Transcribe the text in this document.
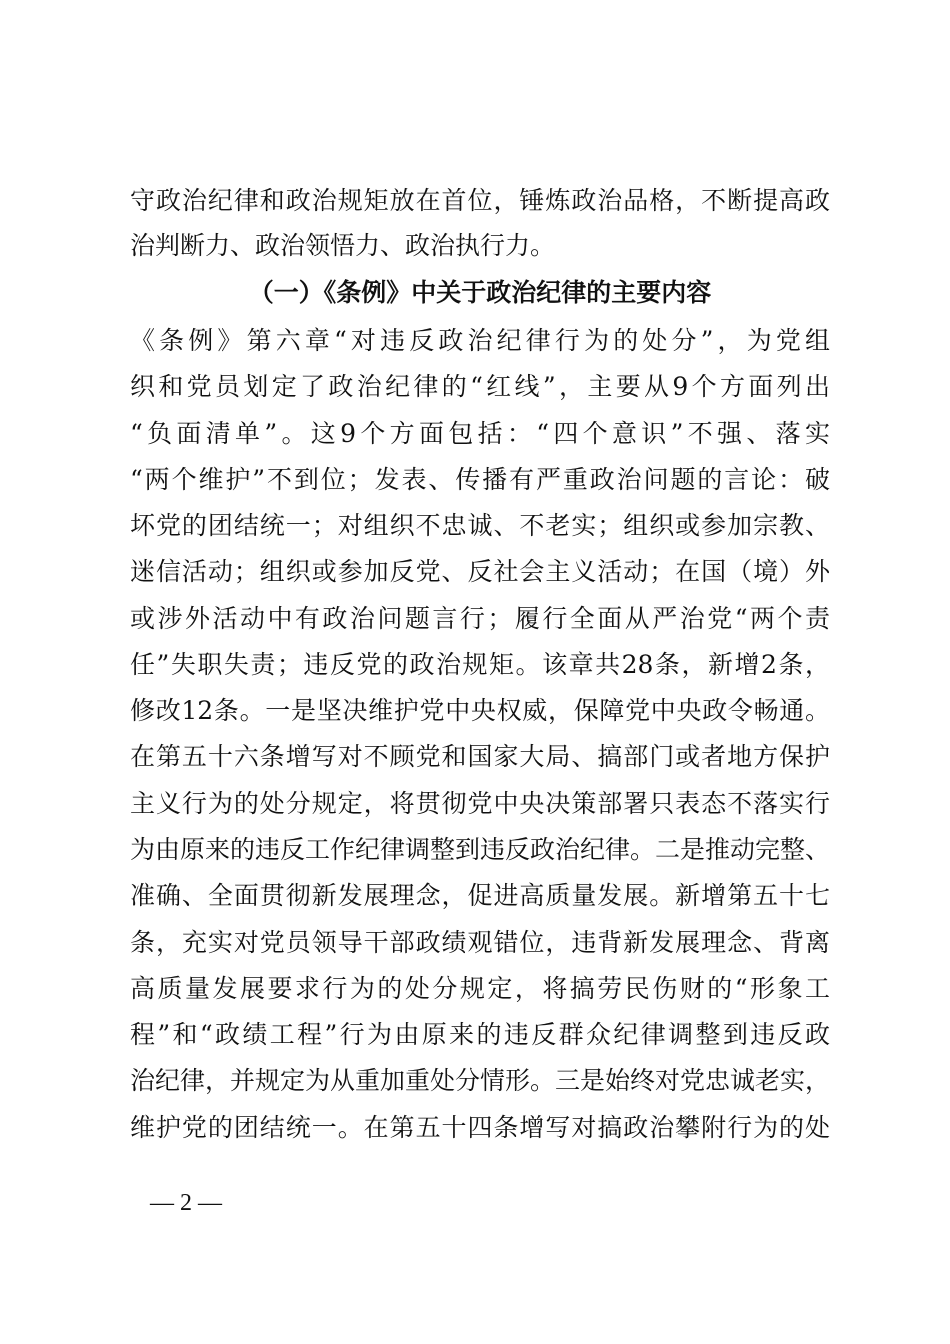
守政治纪律和政治规矩放在首位，锤炼政治品格，不断提高政
治判断力、政治领悟力、政治执行力。
（一）《条例》中关于政治纪律的主要内容
《条例》第六章“对违反政治纪律行为的处分”，为党组
织和党员划定了政治纪律的“红线”，主要从9个方面列出
“负面清单”。这9个方面包括：“四个意识”不强、落实
“两个维护”不到位；发表、传播有严重政治问题的言论：破
坏党的团结统一；对组织不忠诚、不老实；组织或参加宗教、
迷信活动；组织或参加反党、反社会主义活动；在国（境）外
或涉外活动中有政治问题言行；履行全面从严治党“两个责
任”失职失责；违反党的政治规矩。该章共28条，新增2条，
修改12条。一是坚决维护党中央权威，保障党中央政令畅通。
在第五十六条增写对不顾党和国家大局、搞部门或者地方保护
主义行为的处分规定，将贯彻党中央决策部署只表态不落实行
为由原来的违反工作纪律调整到违反政治纪律。二是推动完整、
准确、全面贯彻新发展理念，促进高质量发展。新增第五十七
条，充实对党员领导干部政绩观错位，违背新发展理念、背离
高质量发展要求行为的处分规定，将搞劳民伤财的“形象工
程”和“政绩工程”行为由原来的违反群众纪律调整到违反政
治纪律，并规定为从重加重处分情形。三是始终对党忠诚老实，
维护党的团结统一。在第五十四条增写对搞政治攀附行为的处
— 2 —
